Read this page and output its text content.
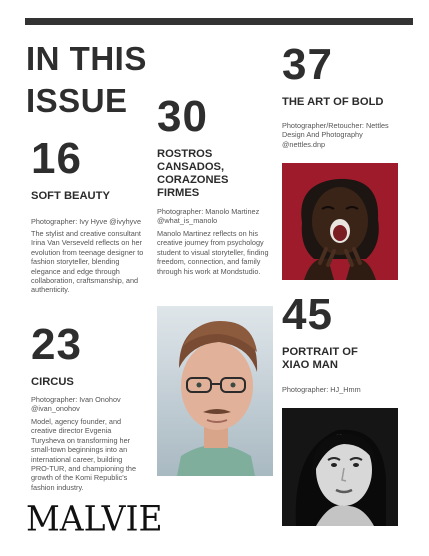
IN THIS
ISSUE
16
SOFT BEAUTY
Photographer: Ivy Hyve @ivyhyve
The stylist and creative consultant Irina Van Verseveld reflects on her evolution from teenage designer to fashion storyteller, blending elegance and edge through collaboration, craftsmanship, and authenticity.
23
CIRCUS
Photographer: Ivan Onohov @ivan_onohov
Model, agency founder, and creative director Evgenia Turysheva on transforming her small-town beginnings into an international career, building PRO-TUR, and championing the growth of the Komi Republic's fashion industry.
30
ROSTROS CANSADOS, CORAZONES FIRMES
Photographer: Manolo Martinez @what_is_manolo
Manolo Martinez reflects on his creative journey from psychology student to visual storyteller, finding freedom, connection, and family through his work at Mondstudio.
37
THE ART OF BOLD
Photographer/Retoucher: Nettles Design And Photography @nettles.dnp
45
PORTRAIT OF XIAO MAN
Photographer: HJ_Hmm
MALVIE
